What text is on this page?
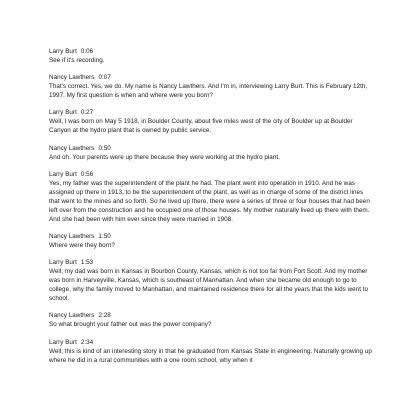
Larry Burt 0:06

See if it's recording.

Nancy Lawthers 0:07

That's correct. Yes, we do. My name is Nancy Lawthers. And I'm in, interviewing Larry Burt. This is February 12th, 1997. My first question is when and where were you born?

Larry Burt 0:27

Well, I was born on May 5 1918, in Boulder County, about five miles west of the city of Boulder up at Boulder Canyon at the hydro plant that is owned by public service.

Nancy Lawthers 0:50

And oh. Your parents were up there because they were working at the hydro plant.

Larry Burt 0:56

Yes, my father was the superintendent of the plant he had. The plant went into operation in 1910. And he was assigned up there in 1913, to be the superintendent of the plant, as well as in charge of some of the district lines that went to the mines and so forth. So he lived up there, there were a series of three or four houses that had been left over from the construction and he occupied one of those houses. My mother naturally lived up there with them. And she had been with him ever since they were married in 1908.

Nancy Lawthers 1:50

Where were they born?

Larry Burt 1:53

Well, my dad was born in Kansas in Bourbon County, Kansas, which is not too far from Fort Scott. And my mother was born in Harveyville, Kansas, which is southeast of Manhattan. And when she became old enough to go to college, why the family moved to Manhattan, and maintained residence there for all the years that the kids went to school.

Nancy Lawthers 2:28

So what brought your father out was the power company?

Larry Burt 2:34

Well, this is kind of an interesting story in that he graduated from Kansas State in engineering. Naturally growing up where he did in a rural communities with a one room school, why when it
